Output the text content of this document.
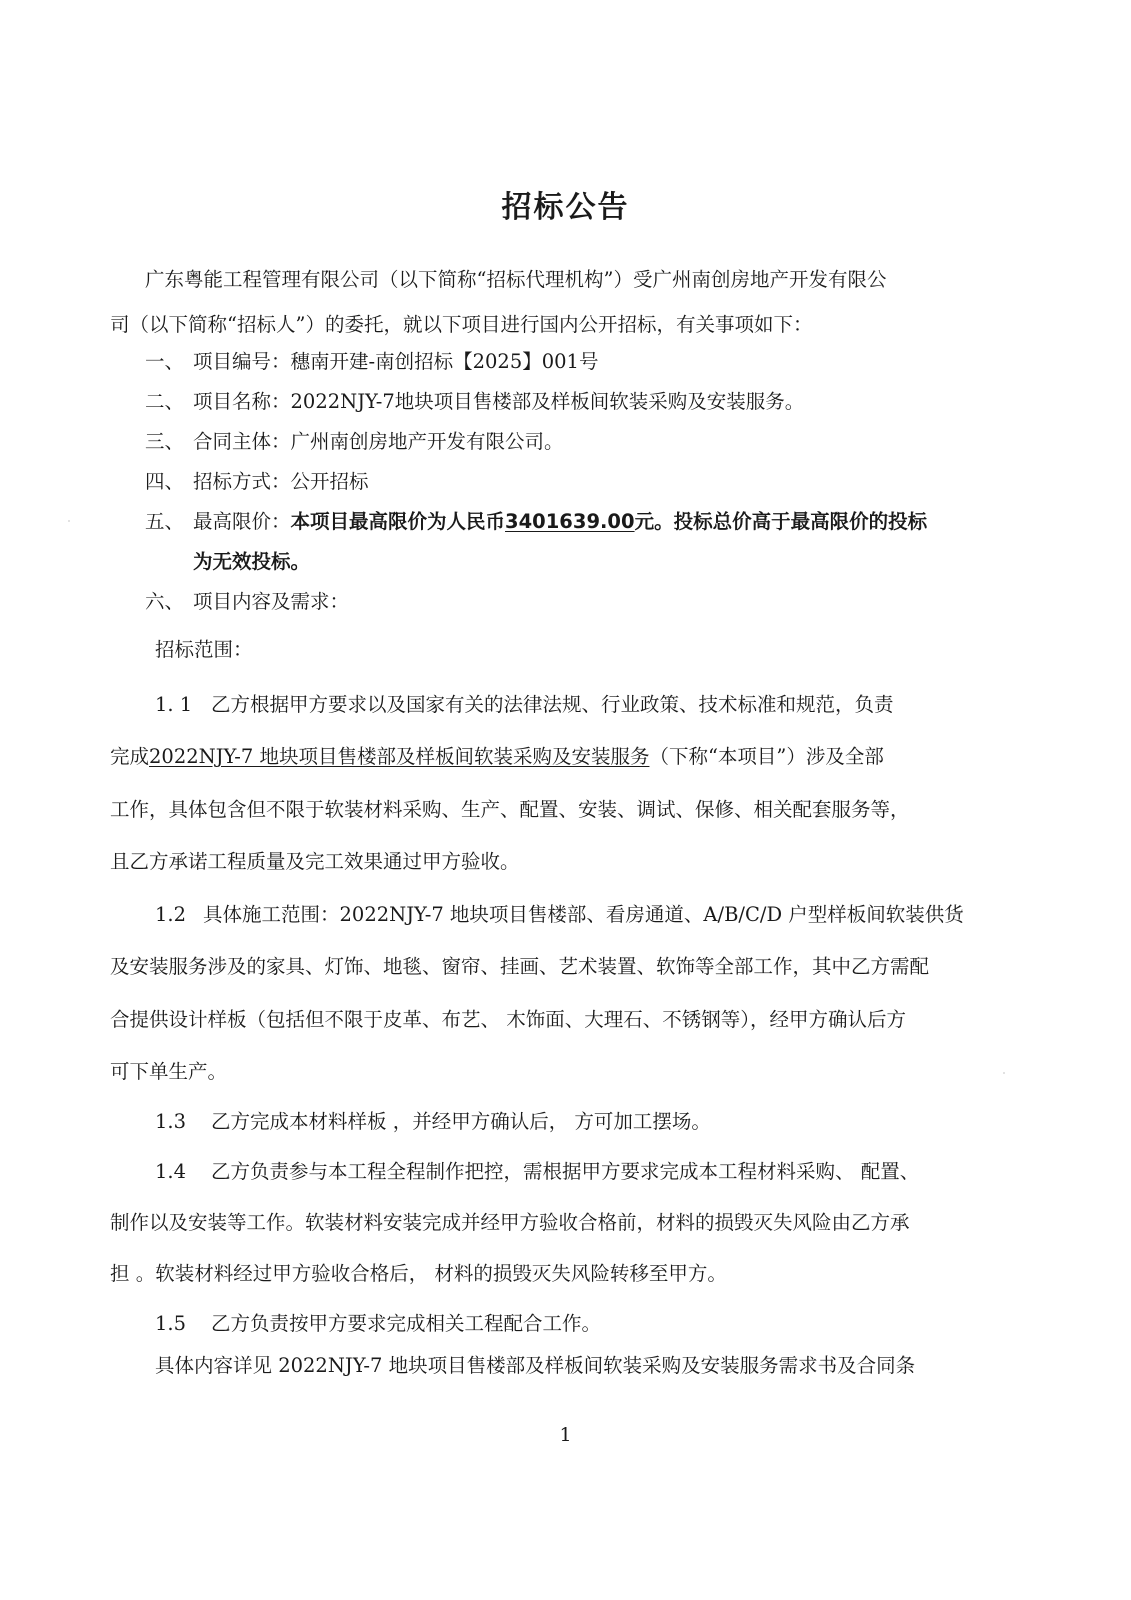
招标公告
广东粤能工程管理有限公司（以下简称“招标代理机构”）受广州南创房地产开发有限公
司（以下简称“招标人”）的委托，就以下项目进行国内公开招标，有关事项如下：
一、 项目编号：穗南开建-南创招标【2025】001号
二、 项目名称：2022NJY-7地块项目售楼部及样板间软装采购及安装服务。
三、 合同主体：广州南创房地产开发有限公司。
四、 招标方式：公开招标
五、 最高限价：本项目最高限价为人民币3401639.00元。投标总价高于最高限价的投标
为无效投标。
六、 项目内容及需求：
招标范围：
1. 1 乙方根据甲方要求以及国家有关的法律法规、行业政策、技术标准和规范，负责
完成2022NJY-7 地块项目售楼部及样板间软装采购及安装服务（下称“本项目”）涉及全部
工作，具体包含但不限于软装材料采购、生产、配置、安装、调试、保修、相关配套服务等，
且乙方承诺工程质量及完工效果通过甲方验收。
1.2 具体施工范围：2022NJY-7 地块项目售楼部、看房通道、A/B/C/D 户型样板间软装供货
及安装服务涉及的家具、灯饰、地毯、窗帘、挂画、艺术装置、软饰等全部工作，其中乙方需配
合提供设计样板（包括但不限于皮革、布艺、 木饰面、大理石、不锈钢等），经甲方确认后方
可下单生产。
1.3 乙方完成本材料样板 ，并经甲方确认后， 方可加工摆场。
1.4 乙方负责参与本工程全程制作把控，需根据甲方要求完成本工程材料采购、 配置、
制作以及安装等工作。软装材料安装完成并经甲方验收合格前，材料的损毁灭失风险由乙方承
担 。软装材料经过甲方验收合格后， 材料的损毁灭失风险转移至甲方。
1.5 乙方负责按甲方要求完成相关工程配合工作。
具体内容详见 2022NJY-7 地块项目售楼部及样板间软装采购及安装服务需求书及合同条
1
